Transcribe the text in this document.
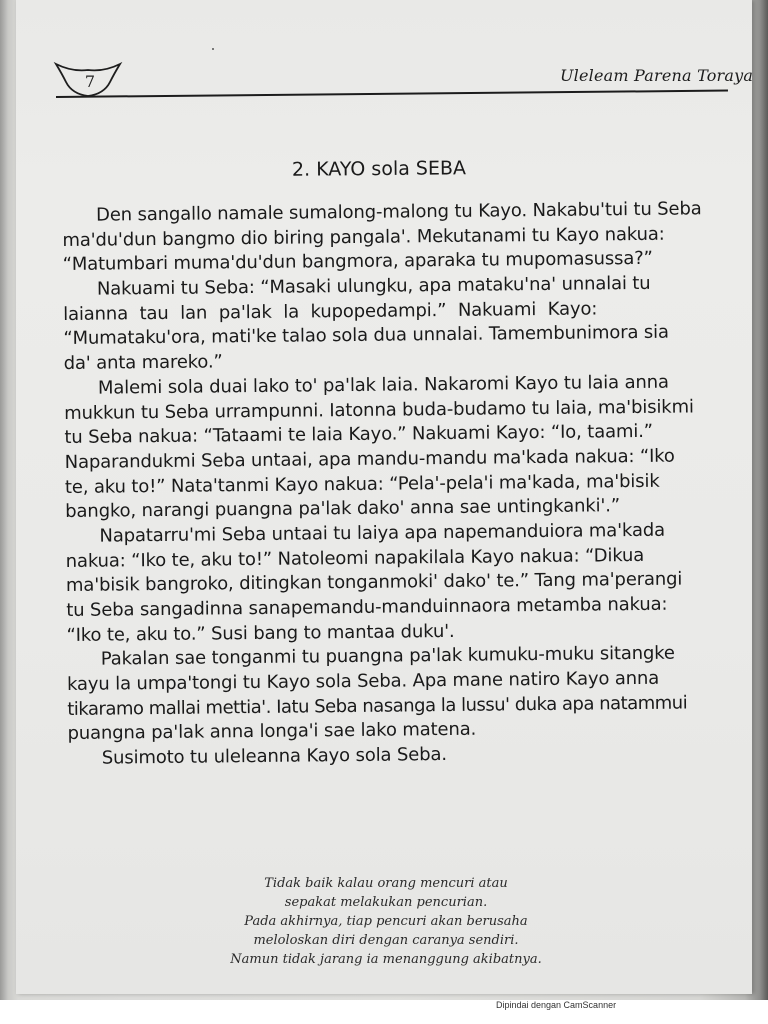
7	Uleleam Parena Toraya
2. KAYO sola SEBA
Den sangallo namale sumalong-malong tu Kayo. Nakabu'tui tu Seba
ma'du'dun bangmo dio biring pangala'. Mekutanami tu Kayo nakua:
“Matumbari muma'du'dun bangmora, aparaka tu mupomasussa?”
Nakuami tu Seba: “Masaki ulungku, apa mataku'na' unnalai tu
laianna tau lan pa'lak la kupopedampi.” Nakuami Kayo:
“Mumataku'ora, mati'ke talao sola dua unnalai. Tamembunimora sia
da' anta mareko.”
Malemi sola duai lako to' pa'lak laia. Nakaromi Kayo tu laia anna
mukkun tu Seba urrampunni. Iatonna buda-budamo tu laia, ma'bisikmi
tu Seba nakua: “Tataami te laia Kayo.” Nakuami Kayo: “Io, taami.”
Naparandukmi Seba untaai, apa mandu-mandu ma'kada nakua: “Iko
te, aku to!” Nata'tanmi Kayo nakua: “Pela'-pela'i ma'kada, ma'bisik
bangko, narangi puangna pa'lak dako' anna sae untingkanki'.”
Napatarru'mi Seba untaai tu laiya apa napemanduiora ma'kada
nakua: “Iko te, aku to!” Natoleomi napakilala Kayo nakua: “Dikua
ma'bisik bangroko, ditingkan tonganmoki' dako' te.” Tang ma'perangi
tu Seba sangadinna sanapemandu-manduinnaora metamba nakua:
“Iko te, aku to.” Susi bang to mantaa duku'.
Pakalan sae tonganmi tu puangna pa'lak kumuku-muku sitangke
kayu la umpa'tongi tu Kayo sola Seba. Apa mane natiro Kayo anna
tikaramo mallai mettia'. Iatu Seba nasanga la lussu' duka apa natammui
puangna pa'lak anna longa'i sae lako matena.
Susimoto tu uleleanna Kayo sola Seba.
Tidak baik kalau orang mencuri atau
sepakat melakukan pencurian.
Pada akhirnya, tiap pencuri akan berusaha
meloloskan diri dengan caranya sendiri.
Namun tidak jarang ia menanggung akibatnya.
Dipindai dengan CamScanner
